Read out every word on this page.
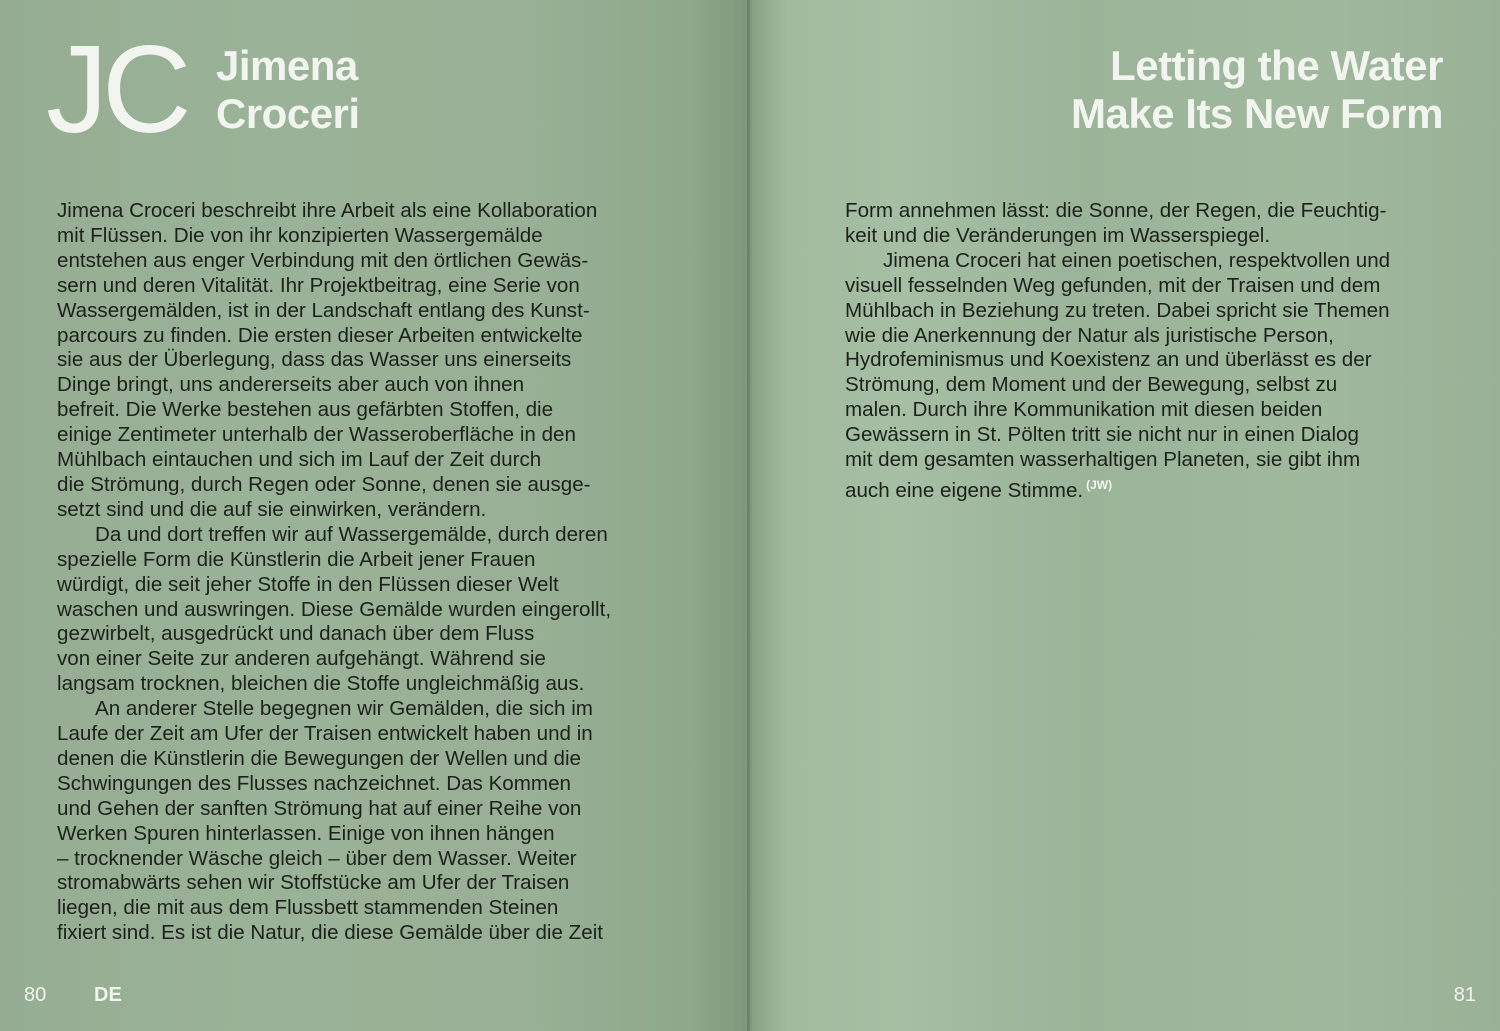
JC Jimena
Croceri
Jimena Croceri beschreibt ihre Arbeit als eine Kollaboration
mit Flüssen. Die von ihr konzipierten Wassergemälde
entstehen aus enger Verbindung mit den örtlichen Gewäs-
sern und deren Vitalität. Ihr Projektbeitrag, eine Serie von
Wassergemälden, ist in der Landschaft entlang des Kunst-
parcours zu finden. Die ersten dieser Arbeiten entwickelte
sie aus der Überlegung, dass das Wasser uns einerseits
Dinge bringt, uns andererseits aber auch von ihnen
befreit. Die Werke bestehen aus gefärbten Stoffen, die
einige Zentimeter unterhalb der Wasseroberfläche in den
Mühlbach eintauchen und sich im Lauf der Zeit durch
die Strömung, durch Regen oder Sonne, denen sie ausge-
setzt sind und die auf sie einwirken, verändern.
Da und dort treffen wir auf Wassergemälde, durch deren
spezielle Form die Künstlerin die Arbeit jener Frauen
würdigt, die seit jeher Stoffe in den Flüssen dieser Welt
waschen und auswringen. Diese Gemälde wurden eingerollt,
gezwirbelt, ausgedrückt und danach über dem Fluss
von einer Seite zur anderen aufgehängt. Während sie
langsam trocknen, bleichen die Stoffe ungleichmäßig aus.
An anderer Stelle begegnen wir Gemälden, die sich im
Laufe der Zeit am Ufer der Traisen entwickelt haben und in
denen die Künstlerin die Bewegungen der Wellen und die
Schwingungen des Flusses nachzeichnet. Das Kommen
und Gehen der sanften Strömung hat auf einer Reihe von
Werken Spuren hinterlassen. Einige von ihnen hängen
– trocknender Wäsche gleich – über dem Wasser. Weiter
stromabwärts sehen wir Stoffstücke am Ufer der Traisen
liegen, die mit aus dem Flussbett stammenden Steinen
fixiert sind. Es ist die Natur, die diese Gemälde über die Zeit
80 DE
Letting the Water
Make Its New Form
Form annehmen lässt: die Sonne, der Regen, die Feuchtig-
keit und die Veränderungen im Wasserspiegel.
Jimena Croceri hat einen poetischen, respektvollen und
visuell fesselnden Weg gefunden, mit der Traisen und dem
Mühlbach in Beziehung zu treten. Dabei spricht sie Themen
wie die Anerkennung der Natur als juristische Person,
Hydrofeminismus und Koexistenz an und überlässt es der
Strömung, dem Moment und der Bewegung, selbst zu
malen. Durch ihre Kommunikation mit diesen beiden
Gewässern in St. Pölten tritt sie nicht nur in einen Dialog
mit dem gesamten wasserhaltigen Planeten, sie gibt ihm
auch eine eigene Stimme. $^{(JW)}$
81
